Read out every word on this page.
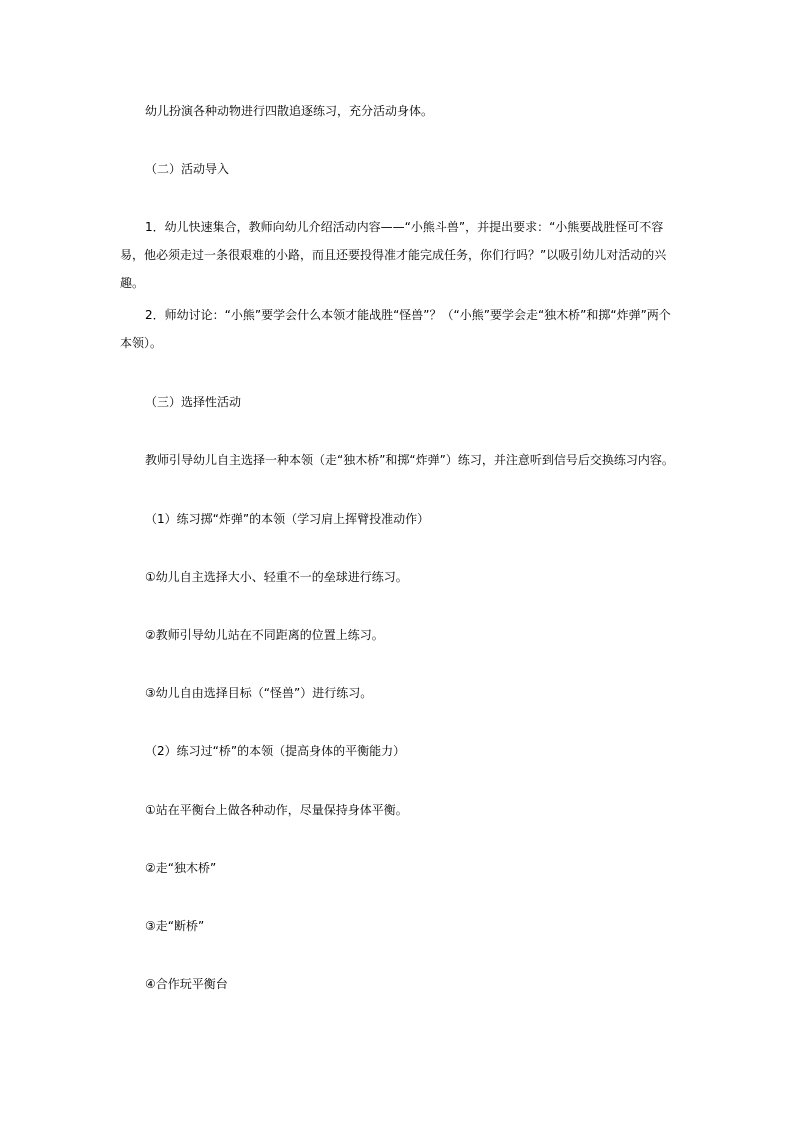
幼儿扮演各种动物进行四散追逐练习，充分活动身体。
（二）活动导入
1．幼儿快速集合，教师向幼儿介绍活动内容——“小熊斗兽”，并提出要求：“小熊要战胜怪可不容易，他必须走过一条很艰难的小路，而且还要投得准才能完成任务，你们行吗？”以吸引幼儿对活动的兴趣。
2．师幼讨论：“小熊”要学会什么本领才能战胜“怪兽”？（“小熊”要学会走“独木桥”和掷“炸弹”两个本领）。
（三）选择性活动
教师引导幼儿自主选择一种本领（走“独木桥”和掷“炸弹”）练习，并注意听到信号后交换练习内容。
（1）练习掷“炸弹”的本领（学习肩上挥臂投准动作）
①幼儿自主选择大小、轻重不一的垒球进行练习。
②教师引导幼儿站在不同距离的位置上练习。
③幼儿自由选择目标（“怪兽”）进行练习。
（2）练习过“桥”的本领（提高身体的平衡能力）
①站在平衡台上做各种动作，尽量保持身体平衡。
②走“独木桥”
③走“断桥”
④合作玩平衡台
